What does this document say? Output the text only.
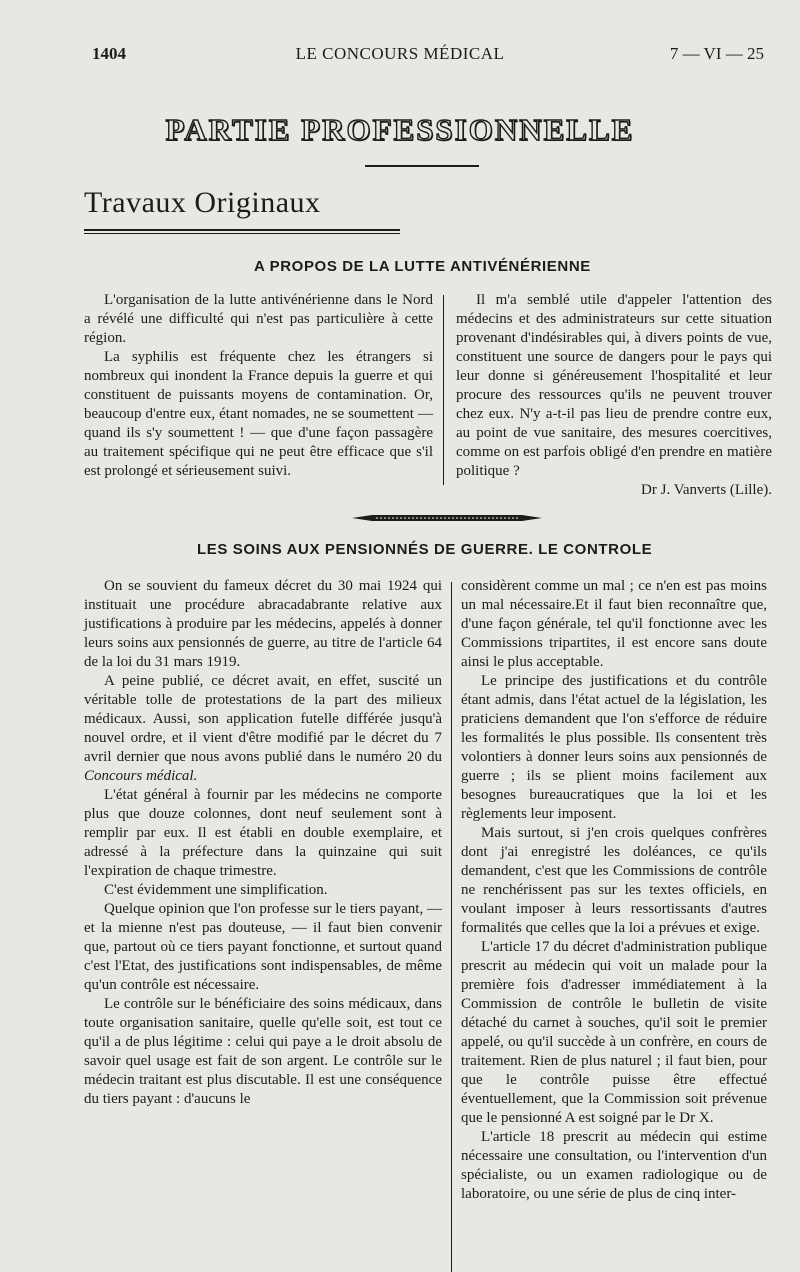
1404	LE CONCOURS MÉDICAL	7 — VI — 25
PARTIE PROFESSIONNELLE
Travaux Originaux
A PROPOS DE LA LUTTE ANTIVÉNÉRIENNE

L'organisation de la lutte antivénérienne dans le Nord a révélé une difficulté qui n'est pas particulière à cette région.

La syphilis est fréquente chez les étrangers si nombreux qui inondent la France depuis la guerre et qui constituent de puissants moyens de contamination. Or, beaucoup d'entre eux, étant nomades, ne se soumettent — quand ils s'y soumettent ! — que d'une façon passagère au traitement spécifique qui ne peut être efficace que s'il est prolongé et sérieusement suivi.

Il m'a semblé utile d'appeler l'attention des médecins et des administrateurs sur cette situation provenant d'indésirables qui, à divers points de vue, constituent une source de dangers pour le pays qui leur donne si généreusement l'hospitalité et leur procure des ressources qu'ils ne peuvent trouver chez eux. N'y a-t-il pas lieu de prendre contre eux, au point de vue sanitaire, des mesures coercitives, comme on est parfois obligé d'en prendre en matière politique ?

Dr J. Vanverts (Lille).

LES SOINS AUX PENSIONNÉS DE GUERRE. LE CONTROLE

On se souvient du fameux décret du 30 mai 1924 qui instituait une procédure abracadabrante relative aux justifications à produire par les médecins, appelés à donner leurs soins aux pensionnés de guerre, au titre de l'article 64 de la loi du 31 mars 1919.

A peine publié, ce décret avait, en effet, suscité un véritable tolle de protestations de la part des milieux médicaux. Aussi, son application futelle différée jusqu'à nouvel ordre, et il vient d'être modifié par le décret du 7 avril dernier que nous avons publié dans le numéro 20 du Concours médical.

L'état général à fournir par les médecins ne comporte plus que douze colonnes, dont neuf seulement sont à remplir par eux. Il est établi en double exemplaire, et adressé à la préfecture dans la quinzaine qui suit l'expiration de chaque trimestre.

C'est évidemment une simplification.

Quelque opinion que l'on professe sur le tiers payant, — et la mienne n'est pas douteuse, — il faut bien convenir que, partout où ce tiers payant fonctionne, et surtout quand c'est l'Etat, des justifications sont indispensables, de même qu'un contrôle est nécessaire.

Le contrôle sur le bénéficiaire des soins médicaux, dans toute organisation sanitaire, quelle qu'elle soit, est tout ce qu'il a de plus légitime : celui qui paye a le droit absolu de savoir quel usage est fait de son argent. Le contrôle sur le médecin traitant est plus discutable. Il est une conséquence du tiers payant : d'aucuns le

considèrent comme un mal ; ce n'en est pas moins un mal nécessaire.Et il faut bien reconnaître que, d'une façon générale, tel qu'il fonctionne avec les Commissions tripartites, il est encore sans doute ainsi le plus acceptable.

Le principe des justifications et du contrôle étant admis, dans l'état actuel de la législation, les praticiens demandent que l'on s'efforce de réduire les formalités le plus possible. Ils consentent très volontiers à donner leurs soins aux pensionnés de guerre ; ils se plient moins facilement aux besognes bureaucratiques que la loi et les règlements leur imposent.

Mais surtout, si j'en crois quelques confrères dont j'ai enregistré les doléances, ce qu'ils demandent, c'est que les Commissions de contrôle ne renchérissent pas sur les textes officiels, en voulant imposer à leurs ressortissants d'autres formalités que celles que la loi a prévues et exige.

L'article 17 du décret d'administration publique prescrit au médecin qui voit un malade pour la première fois d'adresser immédiatement à la Commission de contrôle le bulletin de visite détaché du carnet à souches, qu'il soit le premier appelé, ou qu'il succède à un confrère, en cours de traitement. Rien de plus naturel ; il faut bien, pour que le contrôle puisse être effectué éventuellement, que la Commission soit prévenue que le pensionné A est soigné par le Dr X.

L'article 18 prescrit au médecin qui estime nécessaire une consultation, ou l'intervention d'un spécialiste, ou un examen radiologique ou de laboratoire, ou une série de plus de cinq inter-
